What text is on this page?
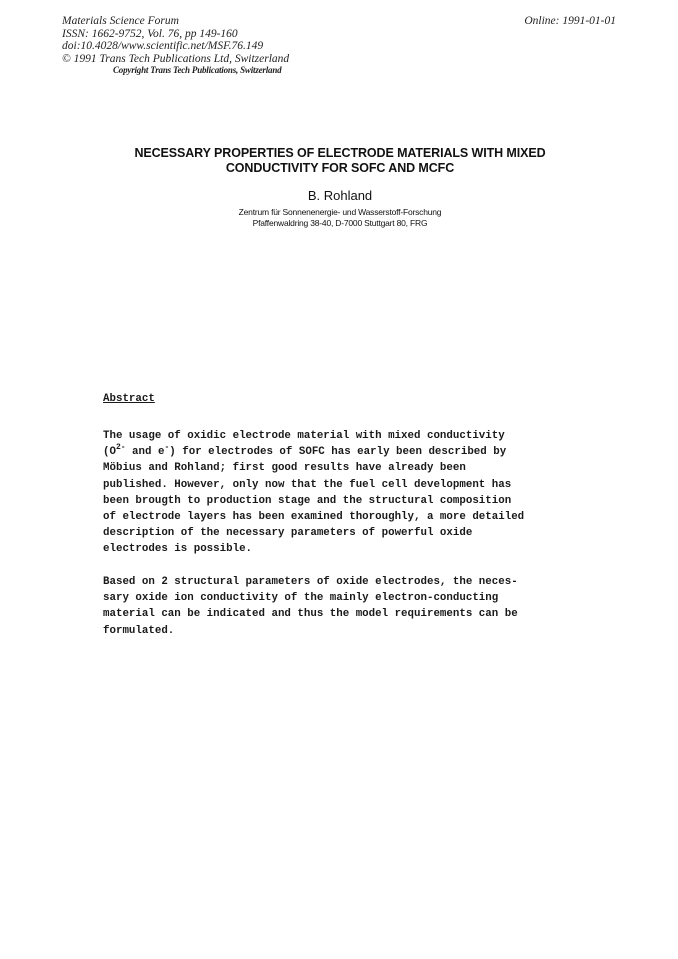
Materials Science Forum
ISSN: 1662-9752, Vol. 76, pp 149-160
doi:10.4028/www.scientific.net/MSF.76.149
© 1991 Trans Tech Publications Ltd, Switzerland
Online: 1991-01-01
Copyright Trans Tech Publications, Switzerland
NECESSARY PROPERTIES OF ELECTRODE MATERIALS WITH MIXED
CONDUCTIVITY FOR SOFC AND MCFC
B. Rohland
Zentrum für Sonnenenergie- und Wasserstoff-Forschung
Pfaffenwaldring 38-40, D-7000 Stuttgart 80, FRG
Abstract
The usage of oxidic electrode material with mixed conductivity
($O^{2-}$ and e-) for electrodes of SOFC has early been described by
Möbius and Rohland; first good results have already been
published. However, only now that the fuel cell development has
been brougth to production stage and the structural composition
of electrode layers has been examined thoroughly, a more detailed
description of the necessary parameters of powerful oxide
electrodes is possible.
Based on 2 structural parameters of oxide electrodes, the neces-
sary oxide ion conductivity of the mainly electron-conducting
material can be indicated and thus the model requirements can be
formulated.
